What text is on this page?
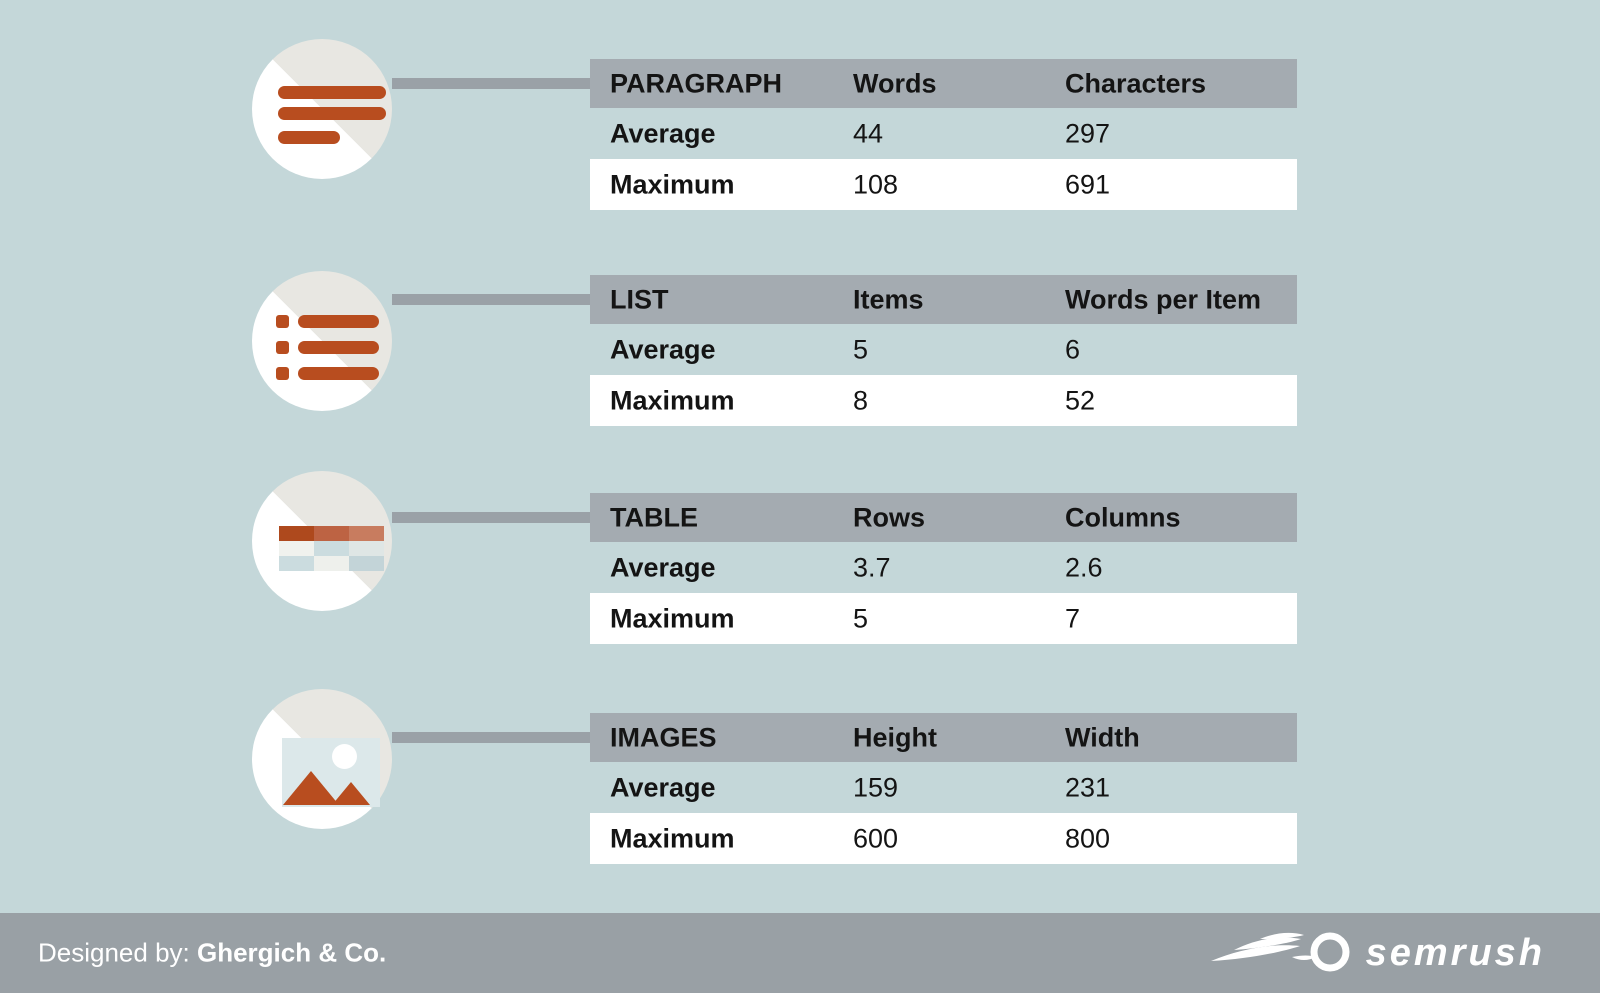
PARAGRAPH	Words	Characters
Average	44	297
Maximum	108	691
LIST	Items	Words per Item
Average	5	6
Maximum	8	52
TABLE	Rows	Columns
Average	3.7	2.6
Maximum	5	7
IMAGES	Height	Width
Average	159	231
Maximum	600	800
Designed by: Ghergich & Co.	semrush
